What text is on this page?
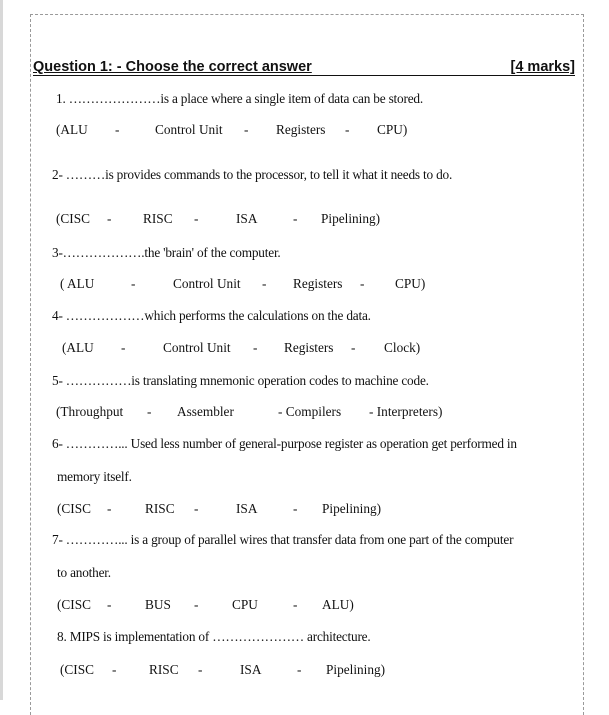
Question 1: - Choose the correct answer	[4 marks]
1. …………………is a place where a single item of data can be stored.
(ALU -	Control Unit - Registers - CPU)
2- ………is provides commands to the processor, to tell it what it needs to do.
(CISC - RISC -	ISA	- Pipelining)
3-……………….the 'brain' of the computer.
( ALU	-	Control Unit - Registers - CPU)
4- ………………which performs the calculations on the data.
(ALU -	Control Unit - Registers - Clock)
5- ……………is translating mnemonic operation codes to machine code.
(Throughput - Assembler	- Compilers - Interpreters)
6- …………... Used less number of general-purpose register as operation get performed in
memory itself.
(CISC -	RISC -	ISA	- Pipelining)
7- …………... is a group of parallel wires that transfer data from one part of the computer
to another.
(CISC -	BUS -	CPU	- ALU)
8. MIPS is implementation of ………………… architecture.
(CISC - RISC -	ISA	- Pipelining)
